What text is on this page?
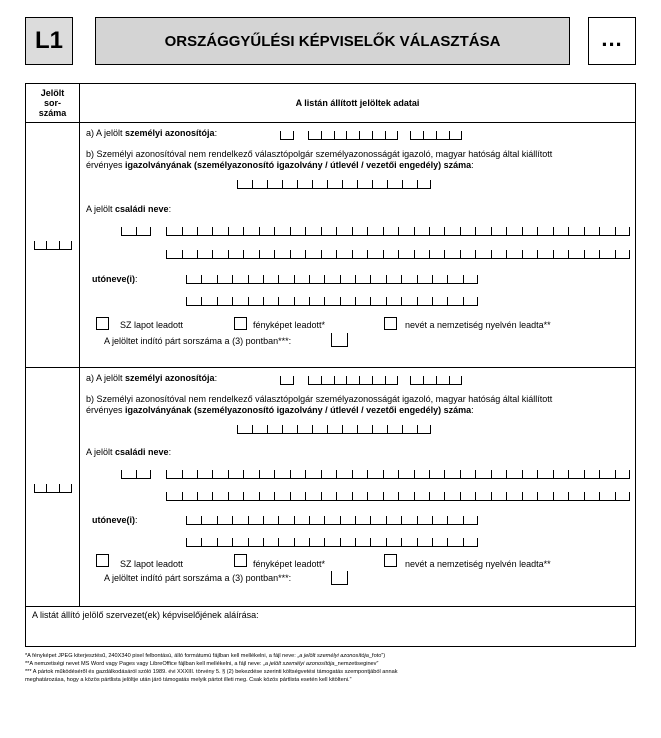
L1	ORSZÁGGYŰLÉSI KÉPVISELŐK VÁLASZTÁSA	...
Jelölt
sor-
száma
A listán állított jelöltek adatai
a) A jelölt személyi azonosítója:
b) Személyi azonosítóval nem rendelkező választópolgár személyazonosságát igazoló, magyar hatóság által kiállított
érvényes igazolványának (személyazonosító igazolvány / útlevél / vezetői engedély) száma:
A jelölt családi neve:
utóneve(i):
SZ lapot leadott	fényképet leadott*	nevét a nemzetiség nyelvén leadta**
A jelöltet indító párt sorszáma a (3) pontban***:
a) A jelölt személyi azonosítója:
b) Személyi azonosítóval nem rendelkező választópolgár személyazonosságát igazoló, magyar hatóság által kiállított
érvényes igazolványának (személyazonosító igazolvány / útlevél / vezetői engedély) száma:
A jelölt családi neve:
utóneve(i):
SZ lapot leadott	fényképet leadott*	nevét a nemzetiség nyelvén leadta**
A jelöltet indító párt sorszáma a (3) pontban***:
A listát állító jelölő szervezet(ek) képviselőjének aláírása:
*A fényképet JPEG kiterjesztésű, 240X340 pixel felbontású, álló formátumú fájlban kell mellékelni, a fájl neve: „a jelölt személyi azonosítója_foto”)
**A nemzetiségi nevet MS Word vagy Pages vagy LibreOffice fájlban kell mellékelni, a fájl neve: „a jelölt személyi azonosítója_nemzetiseginev”
*** A pártok működéséről és gazdálkodásáról szóló 1989. évi XXXIII. törvény 5. § (2) bekezdése szerinti költségvetési támogatás szempontjából annak
meghatározása, hogy a közös pártlista jelöltje után járó támogatás melyik pártot illeti meg. Csak közös pártlista esetén kell kitölteni.”
